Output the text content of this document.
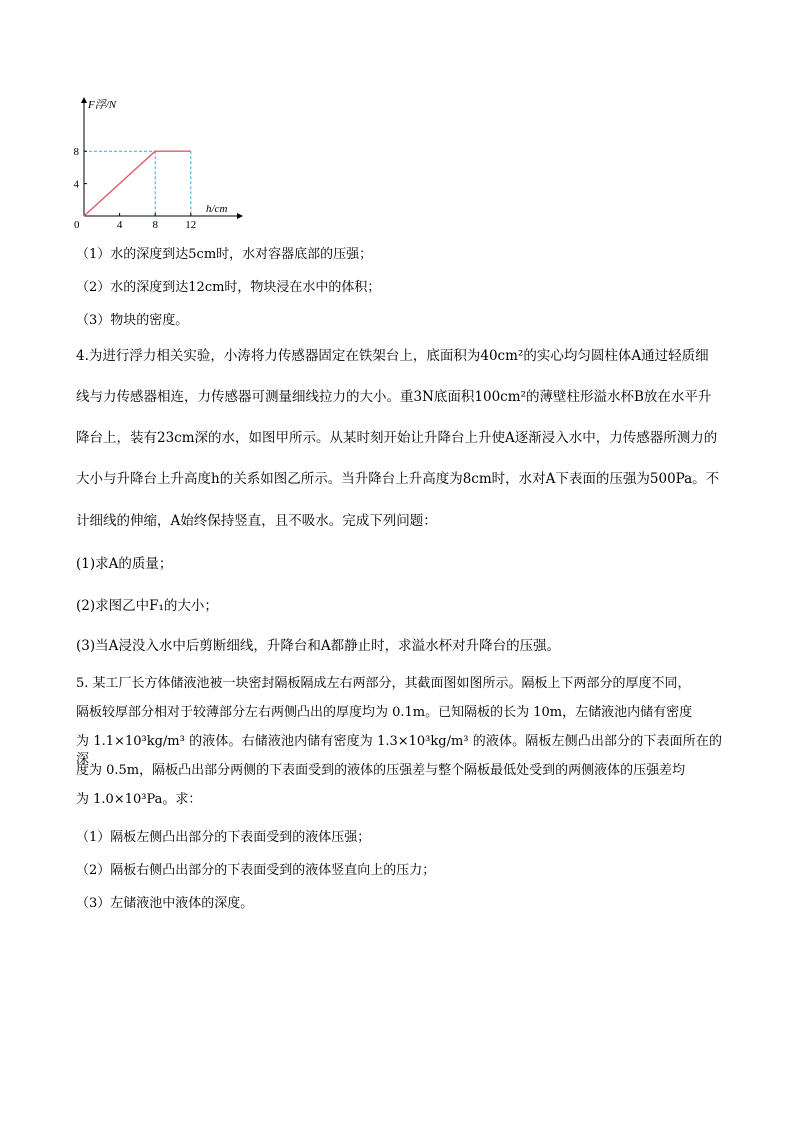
4	8 12
4
8
F浮/N
h/cm
0
（1）水的深度到达5cm时，水对容器底部的压强；
（2）水的深度到达12cm时，物块浸在水中的体积；
（3）物块的密度。
4.为进行浮力相关实验，小涛将力传感器固定在铁架台上，底面积为40cm²的实心均匀圆柱体A通过轻质细
线与力传感器相连，力传感器可测量细线拉力的大小。重3N底面积100cm²的薄壁柱形溢水杯B放在水平升
降台上，装有23cm深的水，如图甲所示。从某时刻开始让升降台上升使A逐渐浸入水中，力传感器所测力的
大小与升降台上升高度h的关系如图乙所示。当升降台上升高度为8cm时，水对A下表面的压强为500Pa。不
计细线的伸缩，A始终保持竖直，且不吸水。完成下列问题：
(1)求A的质量；
(2)求图乙中F₁的大小；
(3)当A浸没入水中后剪断细线，升降台和A都静止时，求溢水杯对升降台的压强。
5. 某工厂长方体储液池被一块密封隔板隔成左右两部分，其截面图如图所示。隔板上下两部分的厚度不同，
隔板较厚部分相对于较薄部分左右两侧凸出的厚度均为 0.1m。已知隔板的长为 10m，左储液池内储有密度
为 1.1×10³kg/m³ 的液体。右储液池内储有密度为 1.3×10³kg/m³ 的液体。隔板左侧凸出部分的下表面所在的深
度为 0.5m，隔板凸出部分两侧的下表面受到的液体的压强差与整个隔板最低处受到的两侧液体的压强差均
为 1.0×10³Pa。求：
（1）隔板左侧凸出部分的下表面受到的液体压强；
（2）隔板右侧凸出部分的下表面受到的液体竖直向上的压力；
（3）左储液池中液体的深度。
